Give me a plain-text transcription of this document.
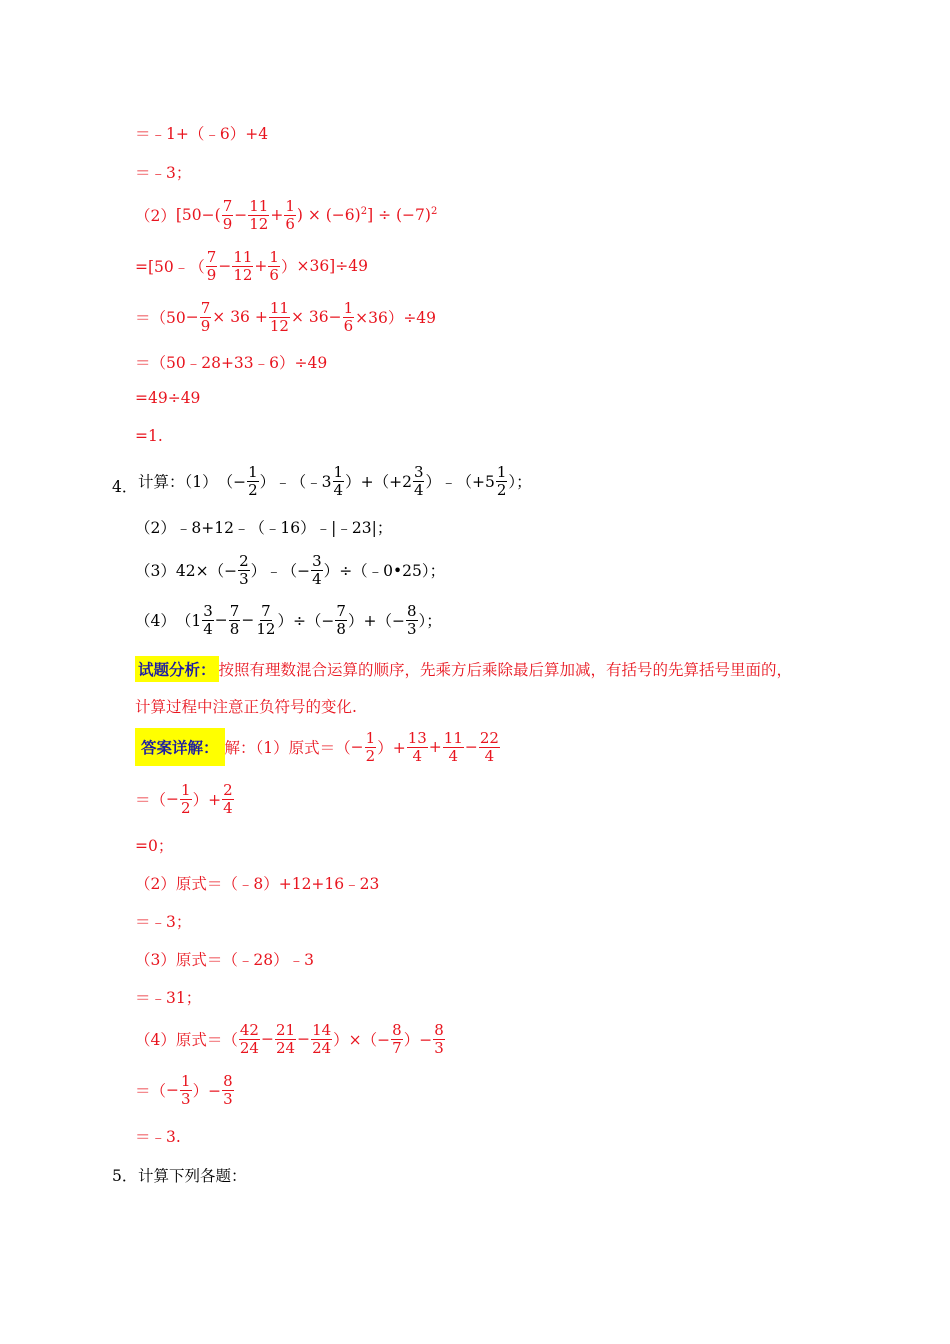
＝﹣1+（﹣6）+4
＝﹣3；
（2） [$50-( \frac{7}{9} - \frac{11}{12} + \frac{1}{6}$ ) × $(-6)^2] \div (-7)^2$
=[50﹣（ $\frac{7}{9} - \frac{11}{12} + \frac{1}{6}$ ） ×36]÷49
$=(50 - \frac{7}{9} \times 36 + \frac{11}{12} \times 36- \frac{1}{6} \times 36)\div 49$
＝（50﹣28+33﹣6）÷49
=49÷49
=1.
4． 计算：（1） （− $\frac{1}{2}$ ）﹣（﹣3 $\frac{1}{4} )+(+2 \frac{3}{4}$ ）﹣（+5 $\frac{1}{2}$ ）；
（2）﹣8+12﹣（﹣16）﹣|﹣23|；
（3）42× （− $\frac{2}{3}$ ）﹣（− $\frac{3}{4}$ ） ÷（﹣0•25）；
（4） （$1 \frac{3}{4} - \frac{7}{8} - \frac{7}{12}$ ）÷（− $\frac{7}{8}$ ）+（− $\frac{8}{3}$ ）；
试题分析： 按照有理数混合运算的顺序，先乘方后乘除最后算加减，有括号的先算括号里面的，
计算过程中注意正负符号的变化.
答案详解： 解：（1）原式＝（ − $\frac{1}{2}$ ）+ $\frac{13}{4} + \frac{11}{4} - \frac{22}{4}$
＝（ − $\frac{1}{2}$ ）+ $\frac{2}{4}$
=0；
（2）原式＝（﹣8）+12+16﹣23
＝﹣3；
（3）原式＝（﹣28）﹣3
＝﹣31；
（4）原式＝（ $\frac{42}{24} - \frac{21}{24} - \frac{14}{24}$ ）×（− $\frac{8}{7}$ ）− $\frac{8}{3}$
＝（ − $\frac{1}{3}$ ）− $\frac{8}{3}$
＝﹣3.
5． 计算下列各题：
